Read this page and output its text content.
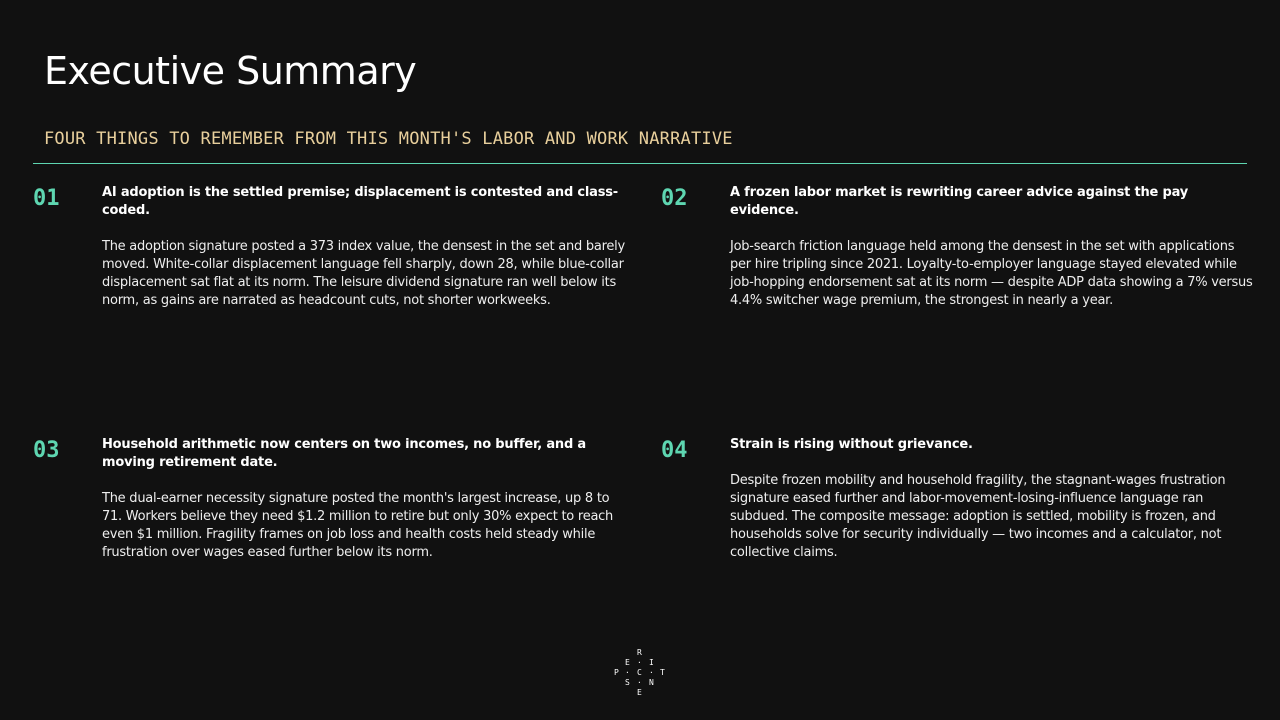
Executive Summary
FOUR THINGS TO REMEMBER FROM THIS MONTH'S LABOR AND WORK NARRATIVE
01	AI adoption is the settled premise; displacement is contested and class-coded.

The adoption signature posted a 373 index value, the densest in the set and barely moved. White-collar displacement language fell sharply, down 28, while blue-collar displacement sat flat at its norm. The leisure dividend signature ran well below its norm, as gains are narrated as headcount cuts, not shorter workweeks.

02	A frozen labor market is rewriting career advice against the pay evidence.

Job-search friction language held among the densest in the set with applications per hire tripling since 2021. Loyalty-to-employer language stayed elevated while job-hopping endorsement sat at its norm — despite ADP data showing a 7% versus 4.4% switcher wage premium, the strongest in nearly a year.

03	Household arithmetic now centers on two incomes, no buffer, and a moving retirement date.

The dual-earner necessity signature posted the month's largest increase, up 8 to 71. Workers believe they need $1.2 million to retire but only 30% expect to reach even $1 million. Fragility frames on job loss and health costs held steady while frustration over wages eased further below its norm.

04	Strain is rising without grievance.

Despite frozen mobility and household fragility, the stagnant-wages frustration signature eased further and labor-movement-losing-influence language ran subdued. The composite message: adoption is settled, mobility is frozen, and households solve for security individually — two incomes and a calculator, not collective claims.

R
E · I
P · C · T
S · N
E
